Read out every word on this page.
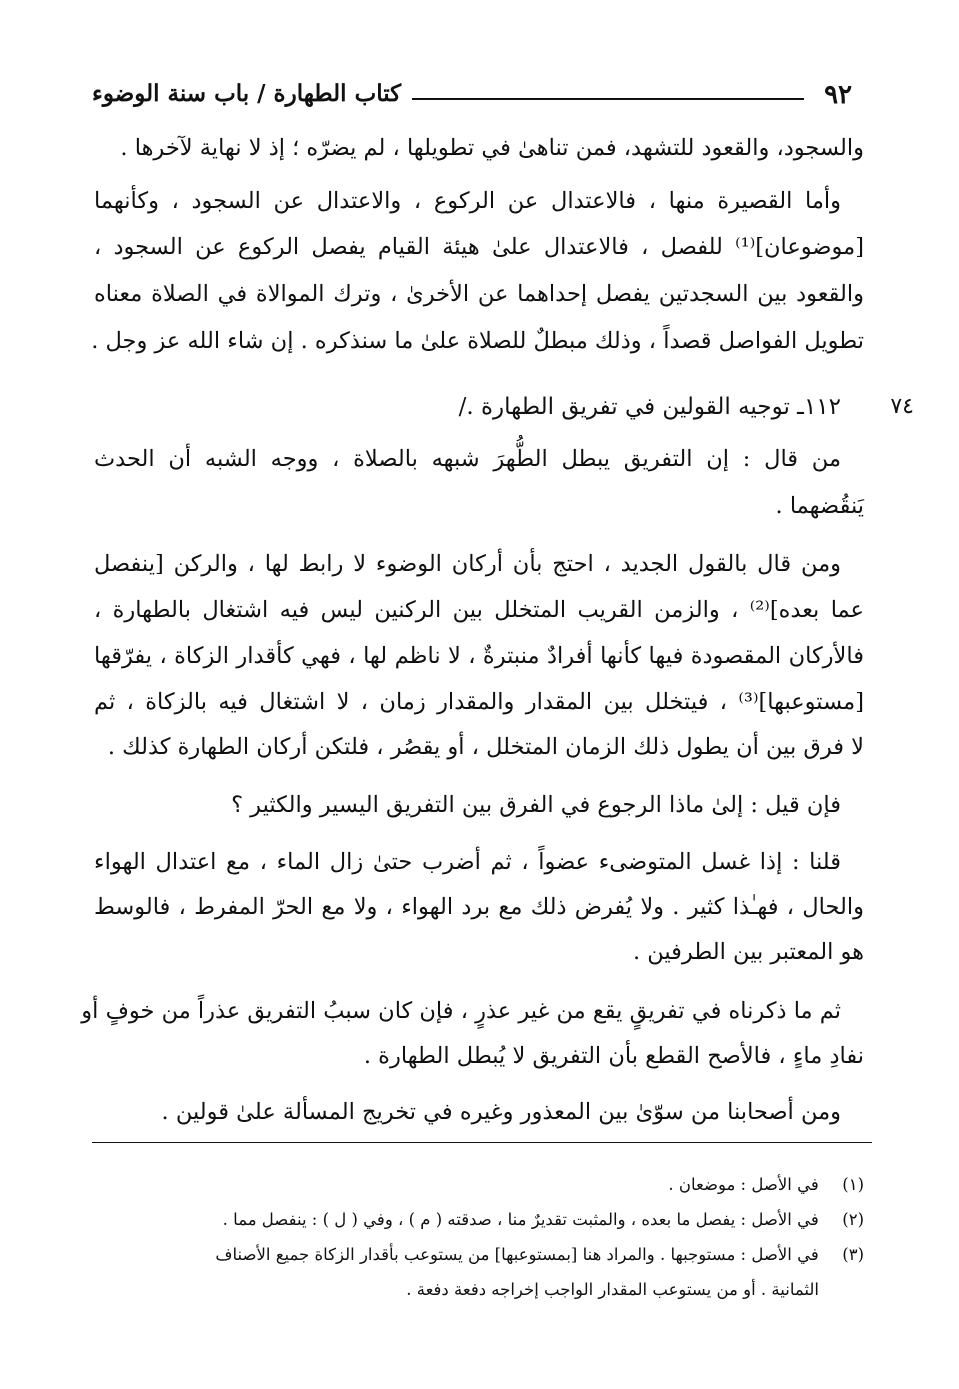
٩٢
كتاب الطهارة / باب سنة الوضوء
والسجود، والقعود للتشهد، فمن تناهىٰ في تطويلها ، لم يضرّه ؛ إذ لا نهاية لآخرها .
وأما القصيرة منها ، فالاعتدال عن الركوع ، والاعتدال عن السجود ، وكأنهما
[موضوعان]⁽¹⁾ للفصل ، فالاعتدال علىٰ هيئة القيام يفصل الركوع عن السجود ،
والقعود بين السجدتين يفصل إحداهما عن الأخرىٰ ، وترك الموالاة في الصلاة معناه
تطويل الفواصل قصداً ، وذلك مبطلٌ للصلاة علىٰ ما سنذكره . إن شاء الله عز وجل .
٧٤
١١٢ـ توجيه القولين في تفريق الطهارة ./
من قال : إن التفريق يبطل الطُّهرَ شبهه بالصلاة ، ووجه الشبه أن الحدث
يَنقُضهما .
ومن قال بالقول الجديد ، احتج بأن أركان الوضوء لا رابط لها ، والركن [ينفصل
عما بعده]⁽²⁾ ، والزمن القريب المتخلل بين الركنين ليس فيه اشتغال بالطهارة ،
فالأركان المقصودة فيها كأنها أفرادٌ منبترةٌ ، لا ناظم لها ، فهي كأقدار الزكاة ، يفرّقها
[مستوعبها]⁽³⁾ ، فيتخلل بين المقدار والمقدار زمان ، لا اشتغال فيه بالزكاة ، ثم
لا فرق بين أن يطول ذلك الزمان المتخلل ، أو يقصُر ، فلتكن أركان الطهارة كذلك .
فإن قيل : إلىٰ ماذا الرجوع في الفرق بين التفريق اليسير والكثير ؟
قلنا : إذا غسل المتوضىء عضواً ، ثم أضرب حتىٰ زال الماء ، مع اعتدال الهواء
والحال ، فهـٰذا كثير . ولا يُفرض ذلك مع برد الهواء ، ولا مع الحرّ المفرط ، فالوسط
هو المعتبر بين الطرفين .
ثم ما ذكرناه في تفريقٍ يقع من غير عذرٍ ، فإن كان سببُ التفريق عذراً من خوفٍ أو
نفادِ ماءٍ ، فالأصح القطع بأن التفريق لا يُبطل الطهارة .
ومن أصحابنا من سوّىٰ بين المعذور وغيره في تخريج المسألة علىٰ قولين .
(١) في الأصل : موضعان .
(٢) في الأصل : يفصل ما بعده ، والمثبت تقديرٌ منا ، صدقته ( م ) ، وفي ( ل ) : ينفصل مما .
(٣) في الأصل : مستوجبها . والمراد هنا [بمستوعبها] من يستوعب بأقدار الزكاة جميع الأصناف
الثمانية . أو من يستوعب المقدار الواجب إخراجه دفعة دفعة .
